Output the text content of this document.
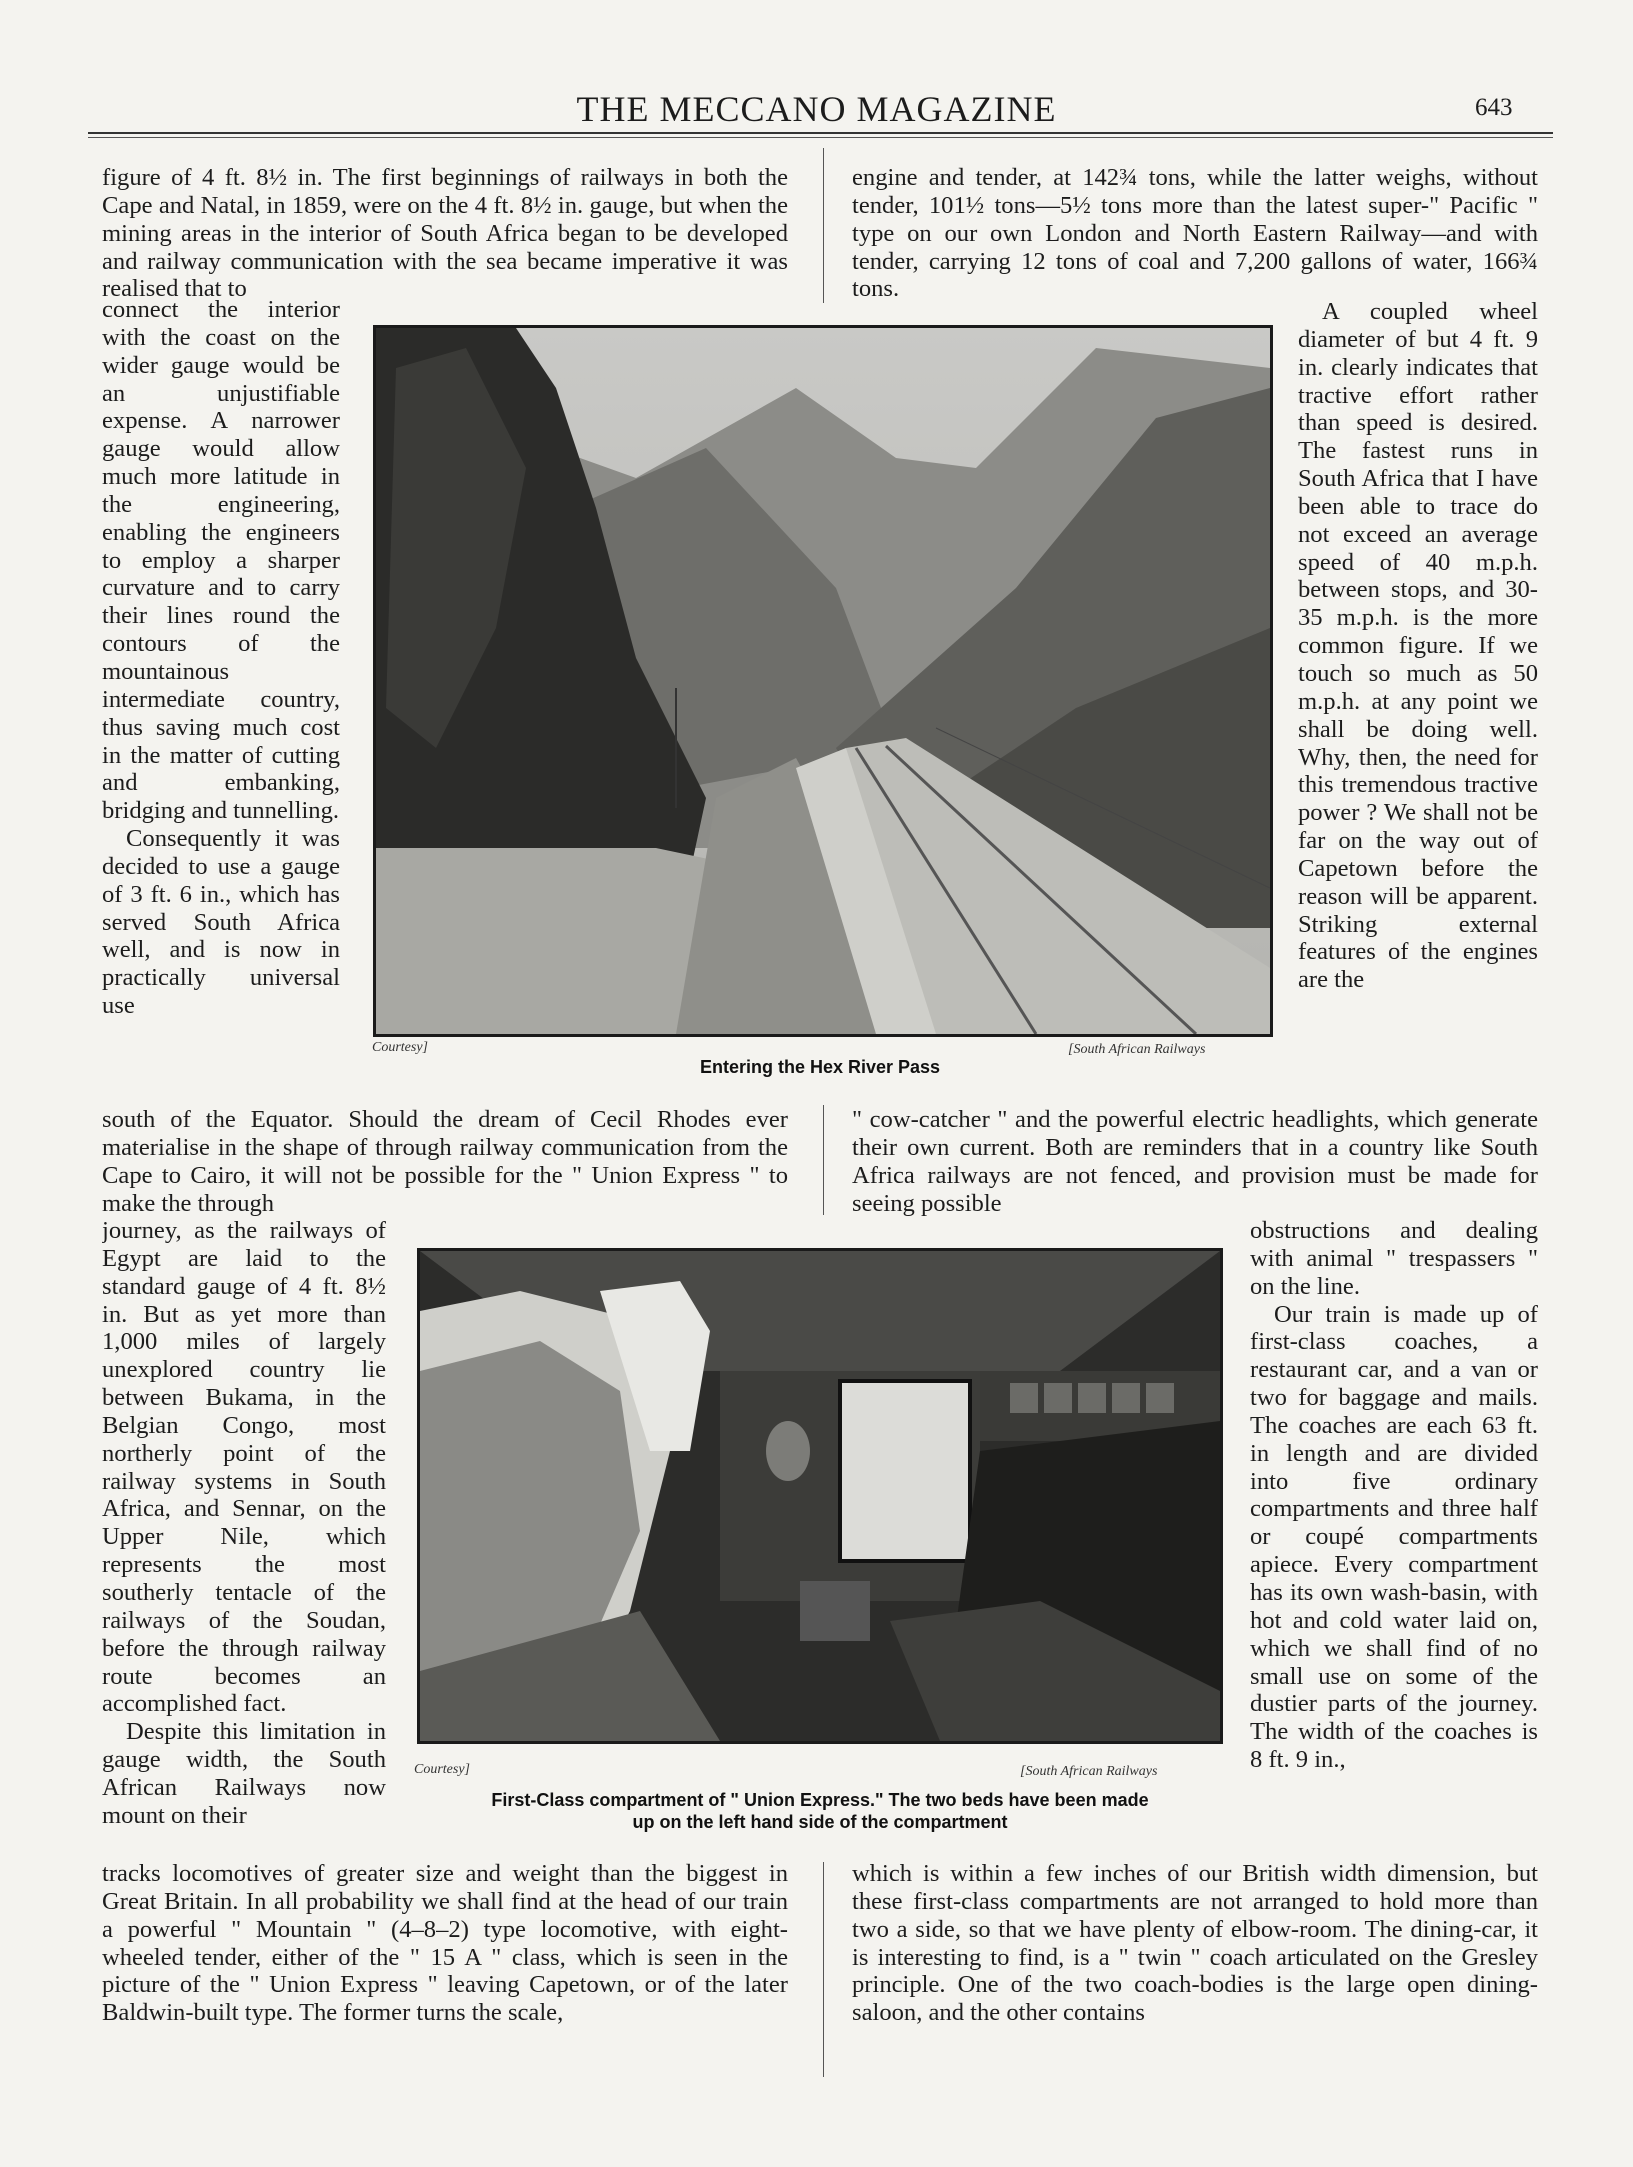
THE MECCANO MAGAZINE	643
figure of 4 ft. 8½ in. The first beginnings of railways in both the Cape and Natal, in 1859, were on the 4 ft. 8½ in. gauge, but when the mining areas in the interior of South Africa began to be developed and railway communication with the sea became imperative it was realised that to
engine and tender, at 142¾ tons, while the latter weighs, without tender, 101½ tons—5½ tons more than the latest super-" Pacific " type on our own London and North Eastern Railway—and with tender, carrying 12 tons of coal and 7,200 gallons of water, 166¾ tons.

connect the interior with the coast on the wider gauge would be an unjustifiable expense. A narrower gauge would allow much more latitude in the engineering, enabling the engineers to employ a sharper curvature and to carry their lines round the contours of the mountainous intermediate country, thus saving much cost in the matter of cutting and embanking, bridging and tunnelling.

Consequently it was decided to use a gauge of 3 ft. 6 in., which has served South Africa well, and is now in practically universal use

Courtesy]	[South African Railways
Entering the Hex River Pass

A coupled wheel diameter of but 4 ft. 9 in. clearly indicates that tractive effort rather than speed is desired. The fastest runs in South Africa that I have been able to trace do not exceed an average speed of 40 m.p.h. between stops, and 30-35 m.p.h. is the more common figure. If we touch so much as 50 m.p.h. at any point we shall be doing well. Why, then, the need for this tremendous tractive power ? We shall not be far on the way out of Capetown before the reason will be apparent. Striking external features of the engines are the

south of the Equator. Should the dream of Cecil Rhodes ever materialise in the shape of through railway communication from the Cape to Cairo, it will not be possible for the " Union Express " to make the through
" cow-catcher " and the powerful electric headlights, which generate their own current. Both are reminders that in a country like South Africa railways are not fenced, and provision must be made for seeing possible

journey, as the railways of Egypt are laid to the standard gauge of 4 ft. 8½ in. But as yet more than 1,000 miles of largely unexplored country lie between Bukama, in the Belgian Congo, most northerly point of the railway systems in South Africa, and Sennar, on the Upper Nile, which represents the most southerly tentacle of the railways of the Soudan, before the through railway route becomes an accomplished fact.

Despite this limitation in gauge width, the South African Railways now mount on their

Courtesy]	[South African Railways
First-Class compartment of " Union Express." The two beds have been made
up on the left hand side of the compartment

obstructions and dealing with animal " trespassers " on the line.

Our train is made up of first-class coaches, a restaurant car, and a van or two for baggage and mails. The coaches are each 63 ft. in length and are divided into five ordinary compartments and three half or coupé compartments apiece. Every compartment has its own wash-basin, with hot and cold water laid on, which we shall find of no small use on some of the dustier parts of the journey. The width of the coaches is 8 ft. 9 in.,

tracks locomotives of greater size and weight than the biggest in Great Britain. In all probability we shall find at the head of our train a powerful " Mountain " (4–8–2) type locomotive, with eight-wheeled tender, either of the " 15 A " class, which is seen in the picture of the " Union Express " leaving Capetown, or of the later Baldwin-built type. The former turns the scale,
which is within a few inches of our British width dimension, but these first-class compartments are not arranged to hold more than two a side, so that we have plenty of elbow-room. The dining-car, it is interesting to find, is a " twin " coach articulated on the Gresley principle. One of the two coach-bodies is the large open dining-saloon, and the other contains
